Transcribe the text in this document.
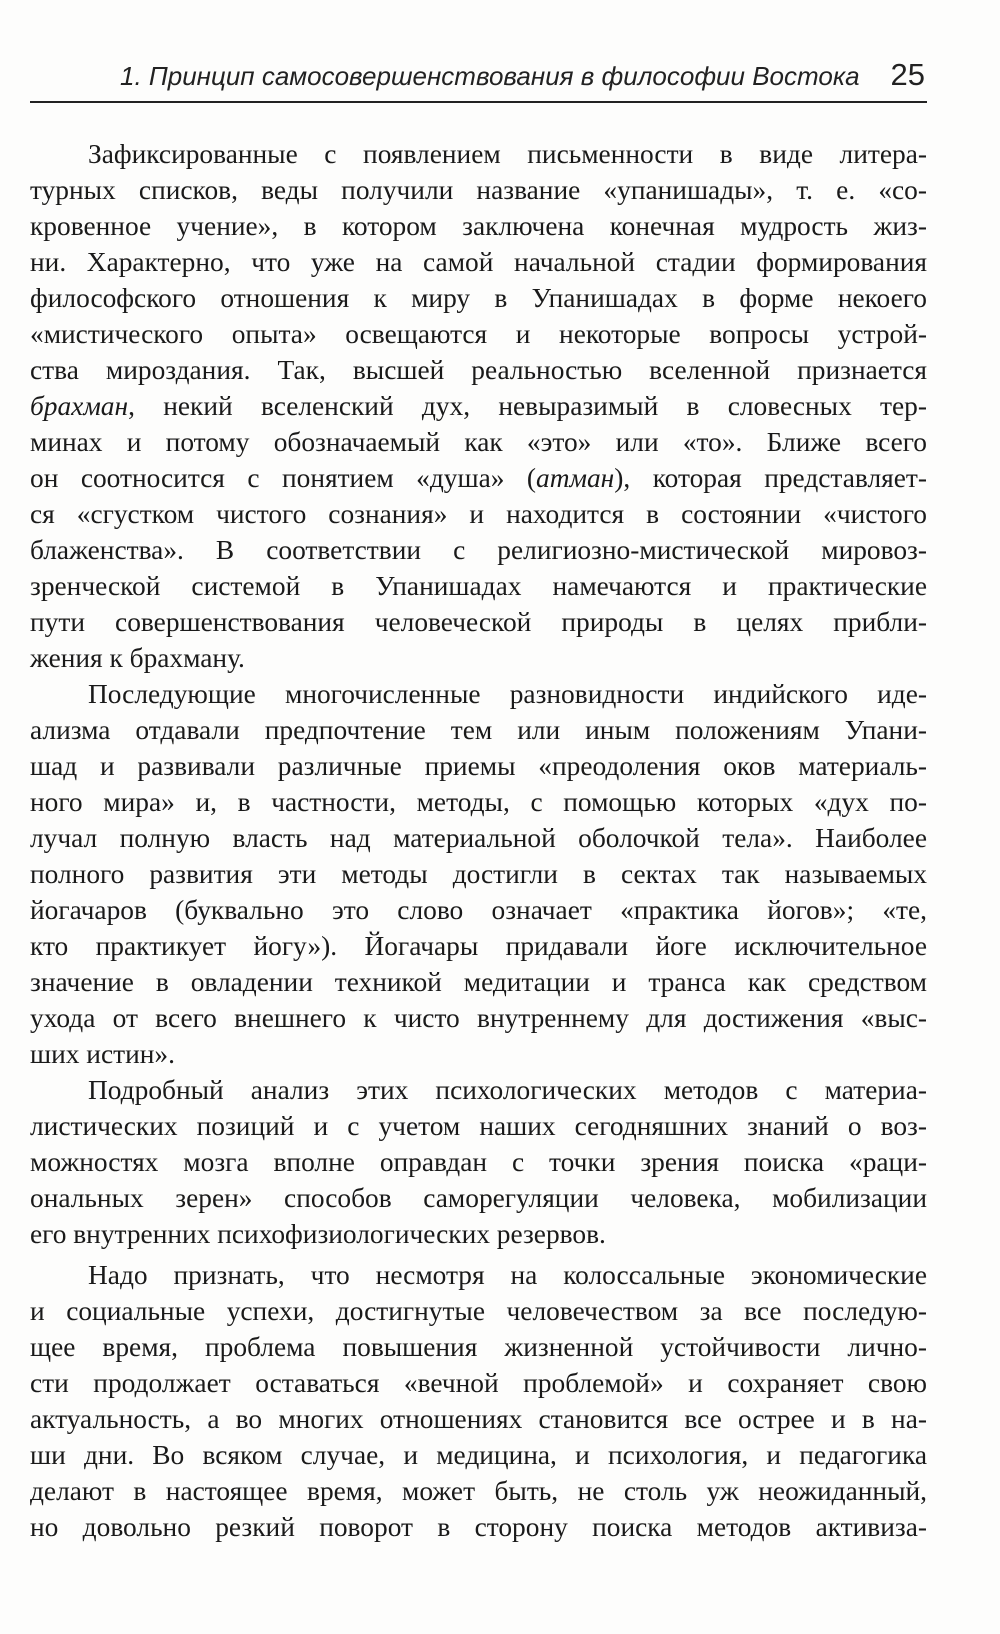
1. Принцип самосовершенствования в философии Востока 25

Зафиксированные с появлением письменности в виде литера-
турных списков, веды получили название «упанишады», т. е. «со-
кровенное учение», в котором заключена конечная мудрость жиз-
ни. Характерно, что уже на самой начальной стадии формирования
философского отношения к миру в Упанишадах в форме некоего
«мистического опыта» освещаются и некоторые вопросы устрой-
ства мироздания. Так, высшей реальностью вселенной признается
брахман, некий вселенский дух, невыразимый в словесных тер-
минах и потому обозначаемый как «это» или «то». Ближе всего
он соотносится с понятием «душа» (атман), которая представляет-
ся «сгустком чистого сознания» и находится в состоянии «чистого
блаженства». В соответствии с религиозно-мистической мировоз-
зренческой системой в Упанишадах намечаются и практические
пути совершенствования человеческой природы в целях прибли-
жения к брахману.

Последующие многочисленные разновидности индийского иде-
ализма отдавали предпочтение тем или иным положениям Упани-
шад и развивали различные приемы «преодоления оков материаль-
ного мира» и, в частности, методы, с помощью которых «дух по-
лучал полную власть над материальной оболочкой тела». Наиболее
полного развития эти методы достигли в сектах так называемых
йогачаров (буквально это слово означает «практика йогов»; «те,
кто практикует йогу»). Йогачары придавали йоге исключительное
значение в овладении техникой медитации и транса как средством
ухода от всего внешнего к чисто внутреннему для достижения «выс-
ших истин».

Подробный анализ этих психологических методов с материа-
листических позиций и с учетом наших сегодняшних знаний о воз-
можностях мозга вполне оправдан с точки зрения поиска «раци-
ональных зерен» способов саморегуляции человека, мобилизации
его внутренних психофизиологических резервов.

Надо признать, что несмотря на колоссальные экономические
и социальные успехи, достигнутые человечеством за все последую-
щее время, проблема повышения жизненной устойчивости лично-
сти продолжает оставаться «вечной проблемой» и сохраняет свою
актуальность, а во многих отношениях становится все острее и в на-
ши дни. Во всяком случае, и медицина, и психология, и педагогика
делают в настоящее время, может быть, не столь уж неожиданный,
но довольно резкий поворот в сторону поиска методов активиза-
